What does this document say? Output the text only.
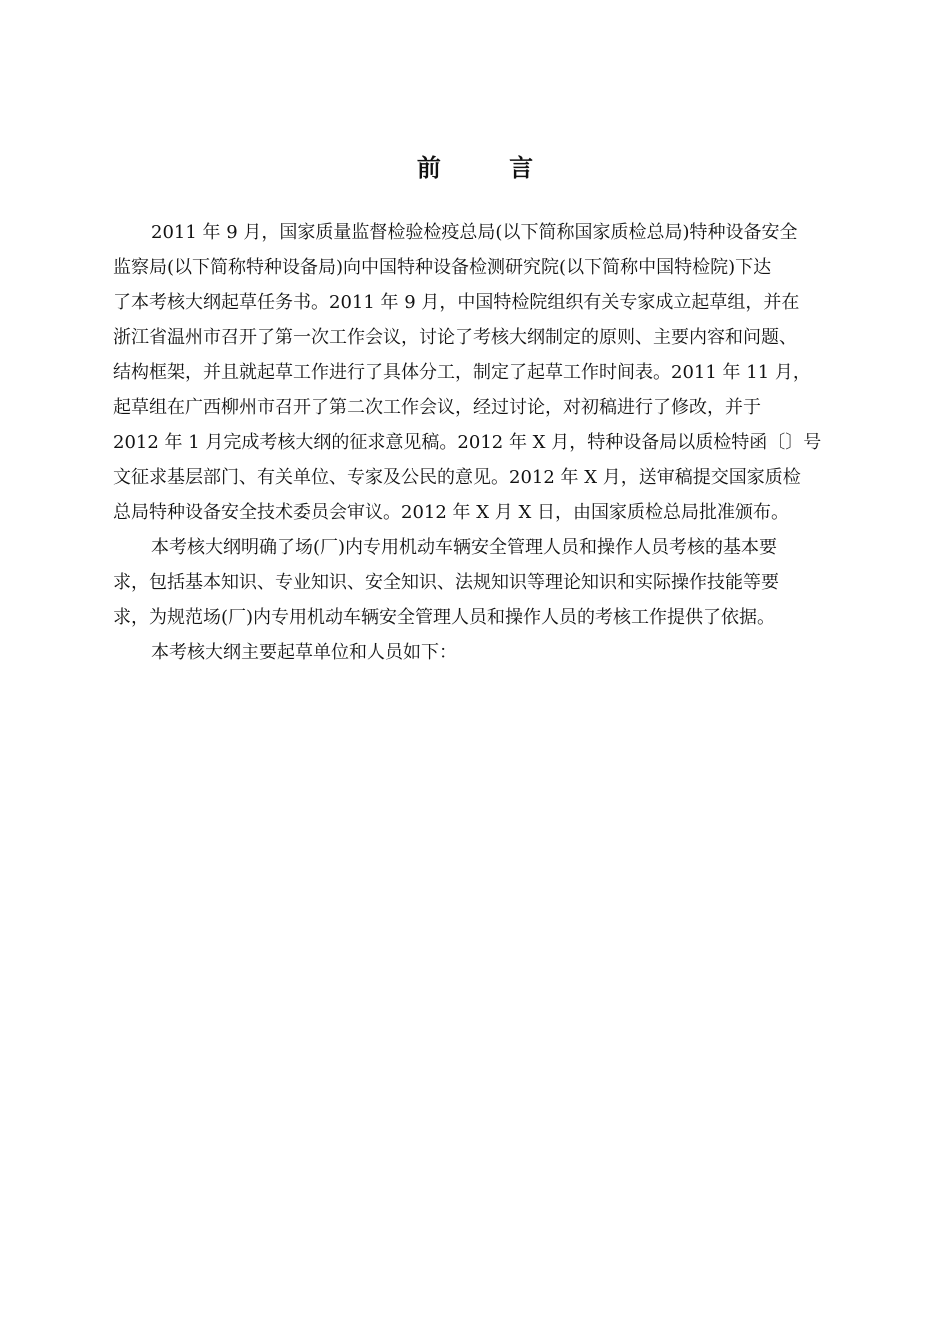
前 言
2011 年 9 月，国家质量监督检验检疫总局(以下简称国家质检总局)特种设备安全
监察局(以下简称特种设备局)向中国特种设备检测研究院(以下简称中国特检院)下达
了本考核大纲起草任务书。2011 年 9 月，中国特检院组织有关专家成立起草组，并在
浙江省温州市召开了第一次工作会议，讨论了考核大纲制定的原则、主要内容和问题、
结构框架，并且就起草工作进行了具体分工，制定了起草工作时间表。2011 年 11 月，
起草组在广西柳州市召开了第二次工作会议，经过讨论，对初稿进行了修改，并于
2012 年 1 月完成考核大纲的征求意见稿。2012 年 X 月，特种设备局以质检特函〔〕号
文征求基层部门、有关单位、专家及公民的意见。2012 年 X 月，送审稿提交国家质检
总局特种设备安全技术委员会审议。2012 年 X 月 X 日，由国家质检总局批准颁布。
本考核大纲明确了场(厂)内专用机动车辆安全管理人员和操作人员考核的基本要
求，包括基本知识、专业知识、安全知识、法规知识等理论知识和实际操作技能等要
求，为规范场(厂)内专用机动车辆安全管理人员和操作人员的考核工作提供了依据。
本考核大纲主要起草单位和人员如下：
